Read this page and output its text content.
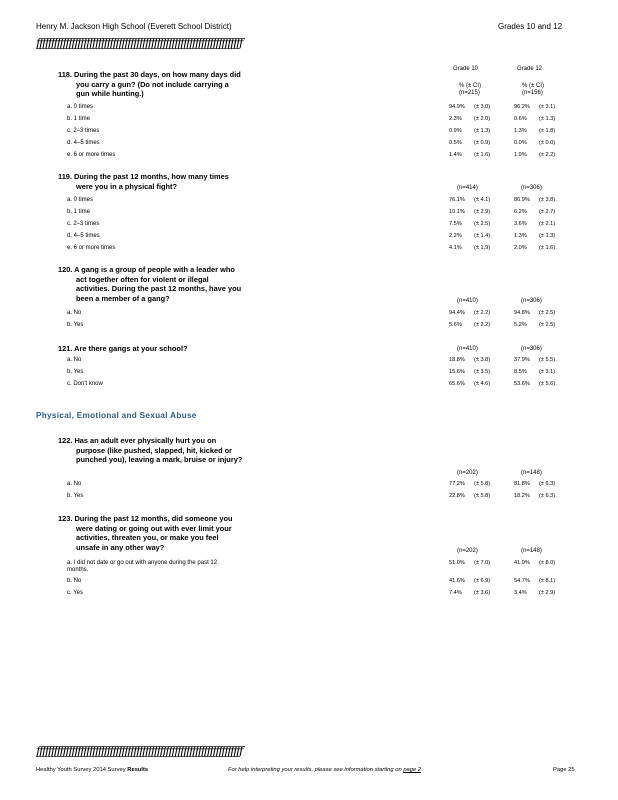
Henry M. Jackson High School (Everett School District)	Grades 10 and 12
ƒƒƒƒƒƒƒƒƒƒƒƒƒƒƒƒƒƒƒƒƒƒƒƒƒƒƒƒƒƒƒƒƒƒƒƒƒƒƒƒƒƒƒƒƒƒƒƒƒƒƒƒƒƒƒƒƒƒƒƒƒƒƒƒƒƒƒƒƒƒ
Grade 10	Grade 12
% (± CI)	% (± CI)
118. During the past 30 days, on how many days did
you carry a gun? (Do not include carrying a
gun while hunting.)	(n=215)	(n=156)
a. 0 times	94.9% (± 3.0)	96.2% (± 3.1)
b. 1 time	2.3% (± 2.0)	0.6% (± 1.3)
c. 2–3 times	0.9% (± 1.3)	1.3% (± 1.8)
d. 4–5 times	0.5% (± 0.9)	0.0% (± 0.0)
e. 6 or more times	1.4% (± 1.6)	1.9% (± 2.2)
119. During the past 12 months, how many times
were you in a physical fight?	(n=414)	(n=306)
a. 0 times	76.1% (± 4.1)	86.9% (± 3.8)
b. 1 time	10.1% (± 2.9)	6.2% (± 2.7)
c. 2–3 times	7.5% (± 2.5)	3.6% (± 2.1)
d. 4–5 times	2.2% (± 1.4)	1.3% (± 1.3)
e. 6 or more times	4.1% (± 1.9)	2.0% (± 1.6)
120. A gang is a group of people with a leader who
act together often for violent or illegal
activities. During the past 12 months, have you
been a member of a gang?	(n=410)	(n=306)
a. No	94.4% (± 2.2)	94.8% (± 2.5)
b. Yes	5.6% (± 2.2)	5.2% (± 2.5)
121. Are there gangs at your school?	(n=410)	(n=306)
a. No	18.8% (± 3.8)	37.9% (± 5.5)
b. Yes	15.6% (± 3.5)	8.5% (± 3.1)
c. Don't know	65.6% (± 4.6)	53.6% (± 5.6)
122. Has an adult ever physically hurt you on
purpose (like pushed, slapped, hit, kicked or
punched you), leaving a mark, bruise or injury?
(n=202)	(n=148)
a. No	77.2% (± 5.8)	81.8% (± 6.3)
b. Yes	22.8% (± 5.8)	18.2% (± 6.3)
123. During the past 12 months, did someone you
were dating or going out with ever limit your
activities, threaten you, or make you feel
unsafe in any other way?	(n=202)	(n=148)
a. I did not date or go out with anyone during the past 12
months.
51.0% (± 7.0)	41.9% (± 8.0)
b. No	41.6% (± 6.9)	54.7% (± 8.1)
c. Yes	7.4% (± 3.6)	3.4% (± 2.9)
Physical, Emotional and Sexual Abuse
ƒƒƒƒƒƒƒƒƒƒƒƒƒƒƒƒƒƒƒƒƒƒƒƒƒƒƒƒƒƒƒƒƒƒƒƒƒƒƒƒƒƒƒƒƒƒƒƒƒƒƒƒƒƒƒƒƒƒƒƒƒƒƒƒƒƒƒƒƒƒ
Healthy Youth Survey 2014 Survey Results	For help interpreting your results, please see information starting on page 2	Page 25
